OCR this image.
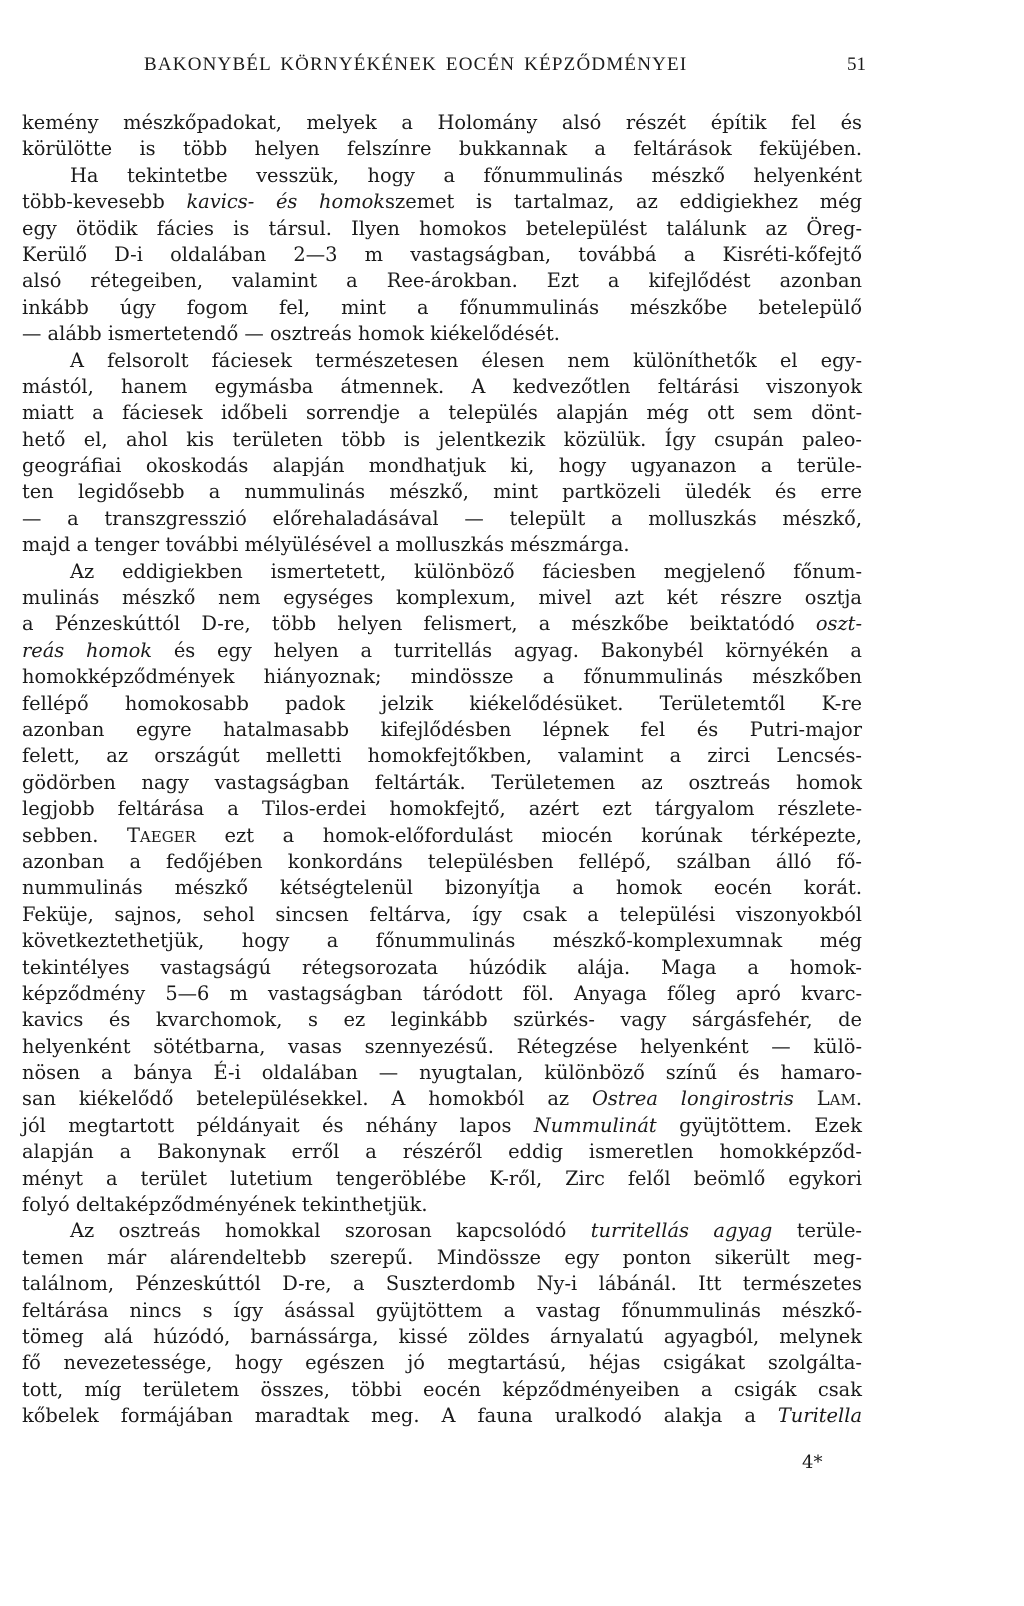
BAKONYBÉL KÖRNYÉKÉNEK EOCÉN KÉPZŐDMÉNYEI	51
kemény mészkőpadokat, melyek a Holomány alsó részét építik fel és
körülötte is több helyen felszínre bukkannak a feltárások feküjében.
Ha tekintetbe vesszük, hogy a főnummulinás mészkő helyenként
több-kevesebb kavics- és homokszemet is tartalmaz, az eddigiekhez még
egy ötödik fácies is társul. Ilyen homokos betelepülést találunk az Öreg-
Kerülő D-i oldalában 2—3 m vastagságban, továbbá a Kisréti-kőfejtő
alsó rétegeiben, valamint a Ree-árokban. Ezt a kifejlődést azonban
inkább úgy fogom fel, mint a főnummulinás mészkőbe betelepülő
— alább ismertetendő — osztreás homok kiékelődését.
A felsorolt fáciesek természetesen élesen nem különíthetők el egy-
mástól, hanem egymásba átmennek. A kedvezőtlen feltárási viszonyok
miatt a fáciesek időbeli sorrendje a település alapján még ott sem dönt-
hető el, ahol kis területen több is jelentkezik közülük. Így csupán paleo-
geográfiai okoskodás alapján mondhatjuk ki, hogy ugyanazon a terüle-
ten legidősebb a nummulinás mészkő, mint partközeli üledék és erre
— a transzgresszió előrehaladásával — települt a molluszkás mészkő,
majd a tenger további mélyülésével a molluszkás mészmárga.
Az eddigiekben ismertetett, különböző fáciesben megjelenő főnum-
mulinás mészkő nem egységes komplexum, mivel azt két részre osztja
a Pénzeskúttól D-re, több helyen felismert, a mészkőbe beiktatódó oszt-
reás homok és egy helyen a turritellás agyag. Bakonybél környékén a
homokképződmények hiányoznak; mindössze a főnummulinás mészkőben
fellépő homokosabb padok jelzik kiékelődésüket. Területemtől K-re
azonban egyre hatalmasabb kifejlődésben lépnek fel és Putri-major
felett, az országút melletti homokfejtőkben, valamint a zirci Lencsés-
gödörben nagy vastagságban feltárták. Területemen az osztreás homok
legjobb feltárása a Tilos-erdei homokfejtő, azért ezt tárgyalom részlete-
sebben. TAEGER ezt a homok-előfordulást miocén korúnak térképezte,
azonban a fedőjében konkordáns településben fellépő, szálban álló fő-
nummulinás mészkő kétségtelenül bizonyítja a homok eocén korát.
Feküje, sajnos, sehol sincsen feltárva, így csak a települési viszonyokból
következtethetjük, hogy a főnummulinás mészkő-komplexumnak még
tekintélyes vastagságú rétegsorozata húzódik alája. Maga a homok-
képződmény 5—6 m vastagságban táródott föl. Anyaga főleg apró kvarc-
kavics és kvarchomok, s ez leginkább szürkés- vagy sárgásfehér, de
helyenként sötétbarna, vasas szennyezésű. Rétegzése helyenként — külö-
nösen a bánya É-i oldalában — nyugtalan, különböző színű és hamaro-
san kiékelődő betelepülésekkel. A homokból az Ostrea longirostris LAM.
jól megtartott példányait és néhány lapos Nummulinát gyüjtöttem. Ezek
alapján a Bakonynak erről a részéről eddig ismeretlen homokképződ-
ményt a terület lutetium tengeröblébe K-ről, Zirc felől beömlő egykori
folyó deltaképződményének tekinthetjük.
Az osztreás homokkal szorosan kapcsolódó turritellás agyag terüle-
temen már alárendeltebb szerepű. Mindössze egy ponton sikerült meg-
találnom, Pénzeskúttól D-re, a Suszterdomb Ny-i lábánál. Itt természetes
feltárása nincs s így ásással gyüjtöttem a vastag főnummulinás mészkő-
tömeg alá húzódó, barnássárga, kissé zöldes árnyalatú agyagból, melynek
fő nevezetessége, hogy egészen jó megtartású, héjas csigákat szolgálta-
tott, míg területem összes, többi eocén képződményeiben a csigák csak
kőbelek formájában maradtak meg. A fauna uralkodó alakja a Turitella
4*
